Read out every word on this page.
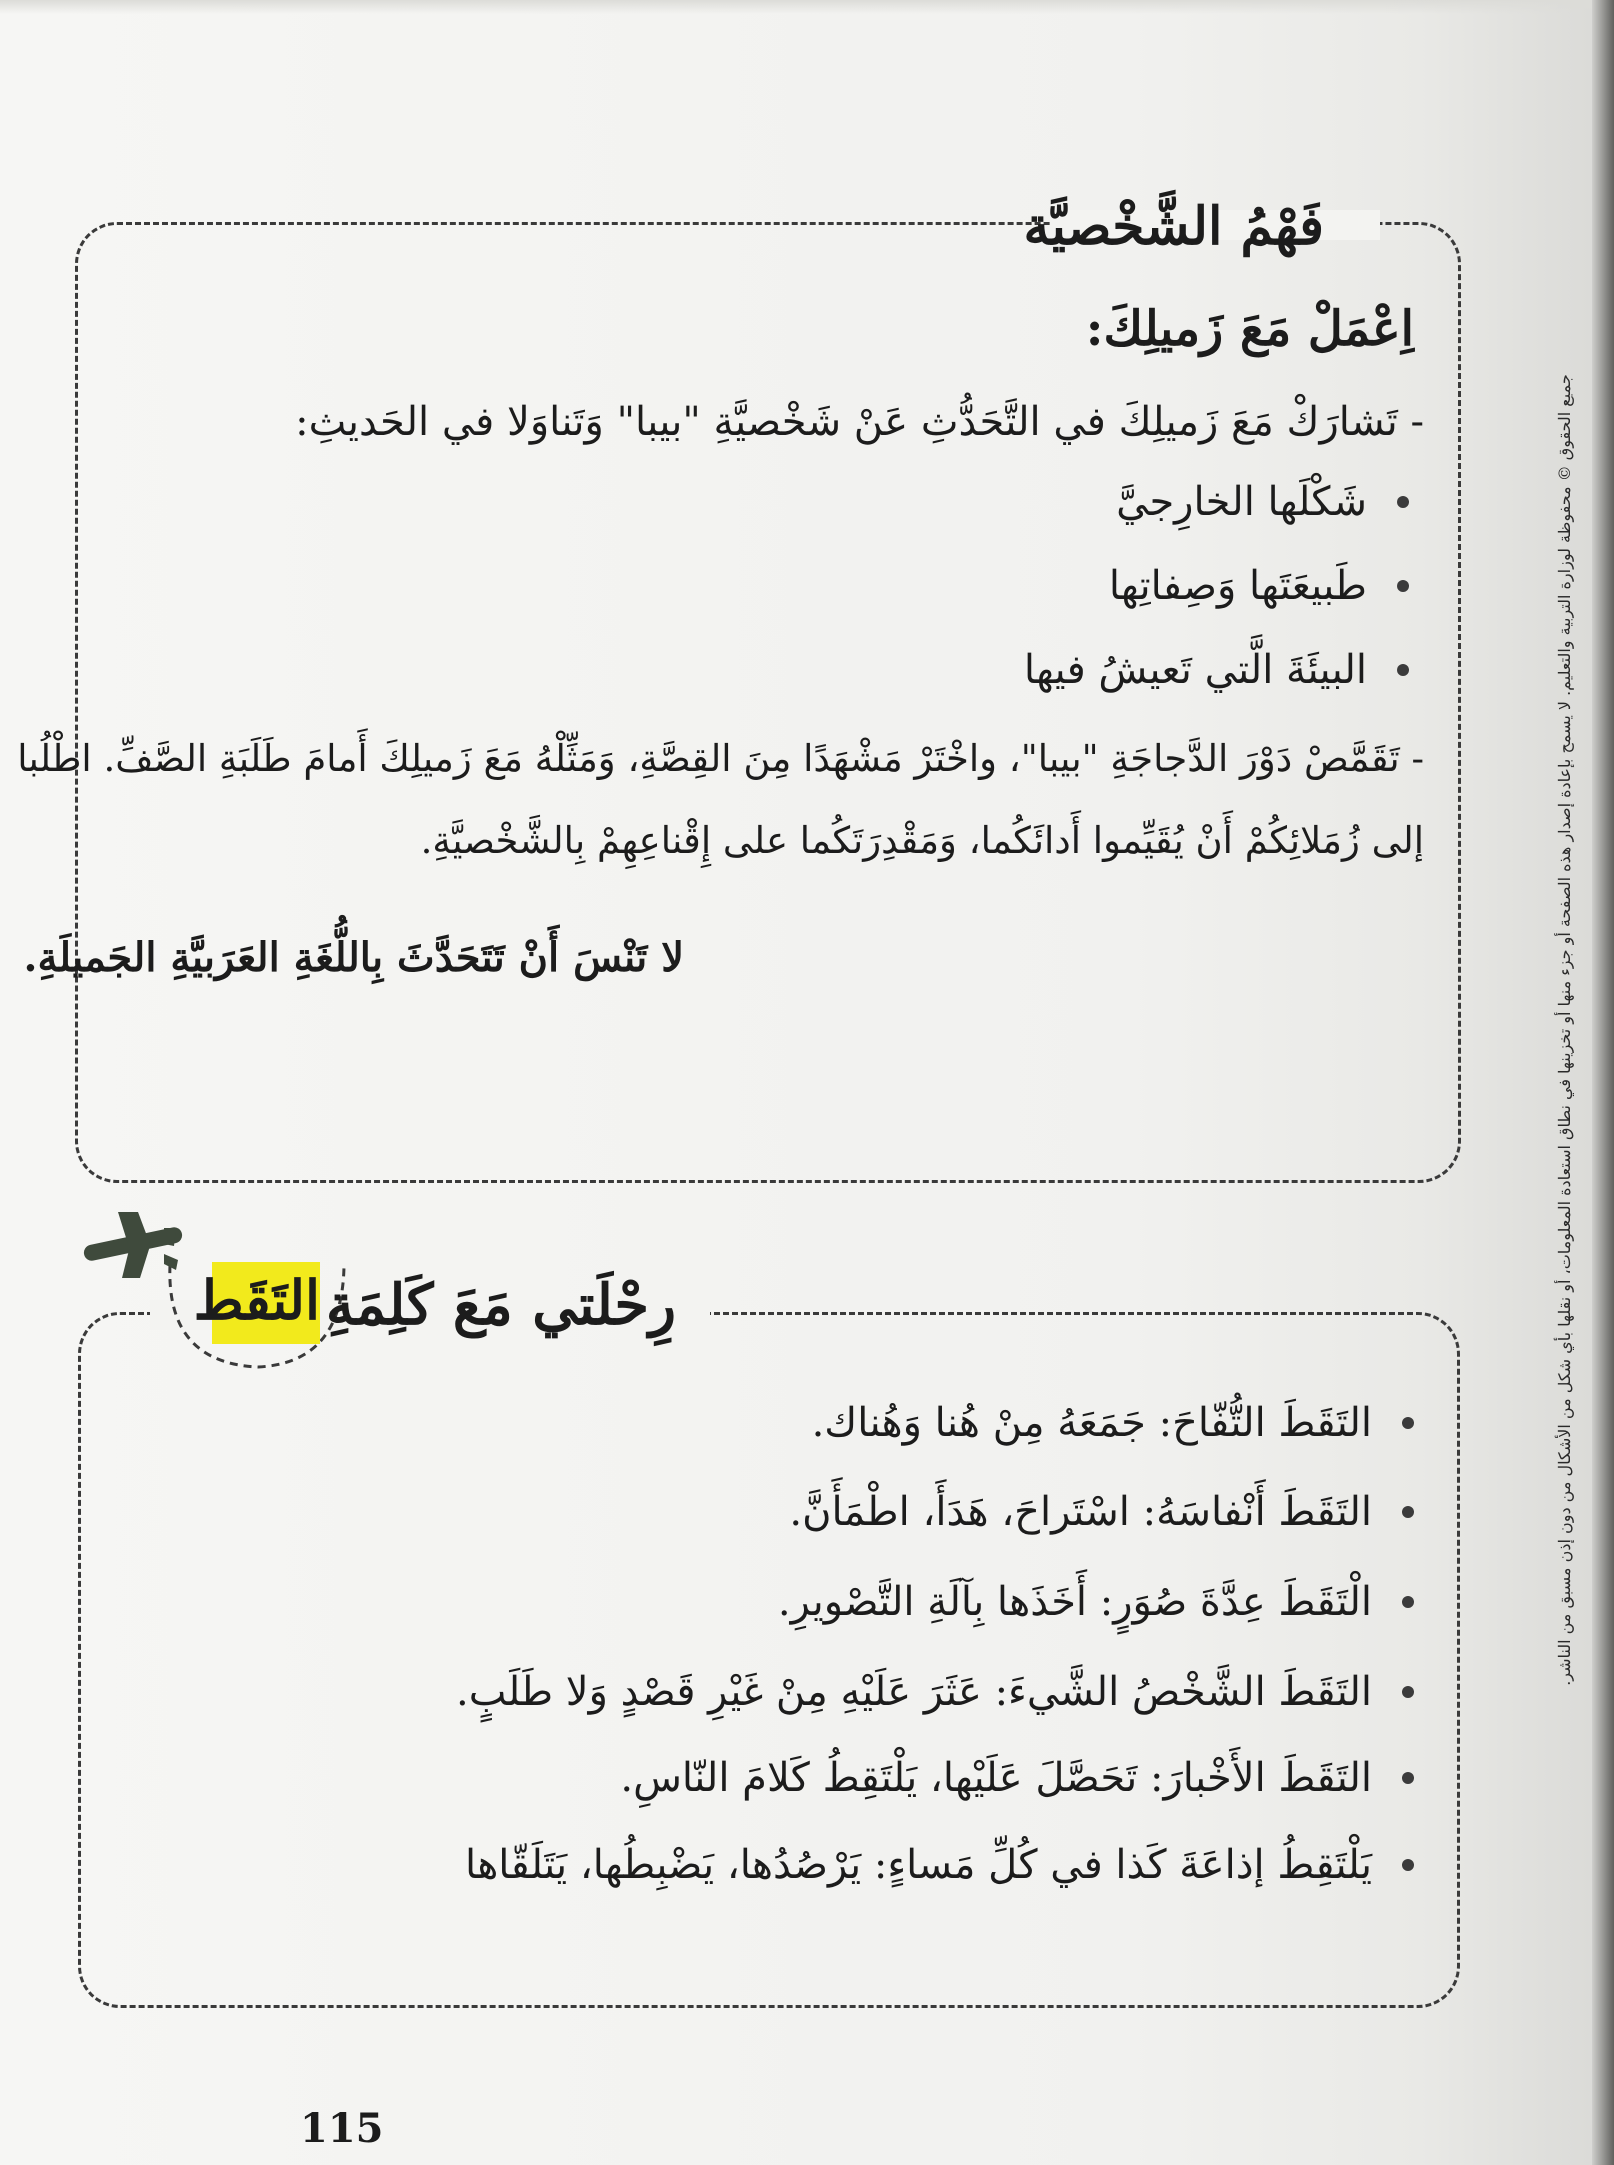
فَهْمُ الشَّخْصيَّة
اِعْمَلْ مَعَ زَميلِكَ:
- تَشارَكْ مَعَ زَميلِكَ في التَّحَدُّثِ عَنْ شَخْصيَّةِ "بيبا" وَتَناوَلا في الحَديثِ:
شَكْلَها الخارِجيَّ
طَبيعَتَها وَصِفاتِها
البيئَةَ الَّتي تَعيشُ فيها
- تَقَمَّصْ دَوْرَ الدَّجاجَةِ "بيبا"، واخْتَرْ مَشْهَدًا مِنَ القِصَّةِ، وَمَثِّلْهُ مَعَ زَميلِكَ أَمامَ طَلَبَةِ الصَّفِّ. اطْلُبا
إلى زُمَلائِكُمْ أَنْ يُقَيِّموا أَدائَكُما، وَمَقْدِرَتَكُما على إِقْناعِهِمْ بِالشَّخْصيَّةِ.
لا تَنْسَ أَنْ تَتَحَدَّثَ بِاللُّغَةِ العَرَبيَّةِ الجَميلَةِ.
التَقَط رِحْلَتي مَعَ كَلِمَةِ
التَقَطَ التُّفّاحَ: جَمَعَهُ مِنْ هُنا وَهُناك.
التَقَطَ أَنْفاسَهُ: اسْتَراحَ، هَدَأَ، اطْمَأَنَّ.
الْتَقَطَ عِدَّةَ صُوَرٍ: أَخَذَها بِآلَةِ التَّصْويرِ.
التَقَطَ الشَّخْصُ الشَّيءَ: عَثَرَ عَلَيْهِ مِنْ غَيْرِ قَصْدٍ وَلا طَلَبٍ.
التَقَطَ الأَخْبارَ: تَحَصَّلَ عَلَيْها، يَلْتَقِطُ كَلامَ النّاسِ.
يَلْتَقِطُ إذاعَةَ كَذا في كُلِّ مَساءٍ: يَرْصُدُها، يَضْبِطُها، يَتَلَقّاها
جميع الحقوق © محفوظة لوزارة التربية والتعليم. لا يسمح بإعادة إصدار هذه الصفحة أو جزء منها أو تخزينها في نطاق استعادة المعلومات، أو نقلها بأي شكل من الأشكال من دون إذن مسبق من الناشر.
115
